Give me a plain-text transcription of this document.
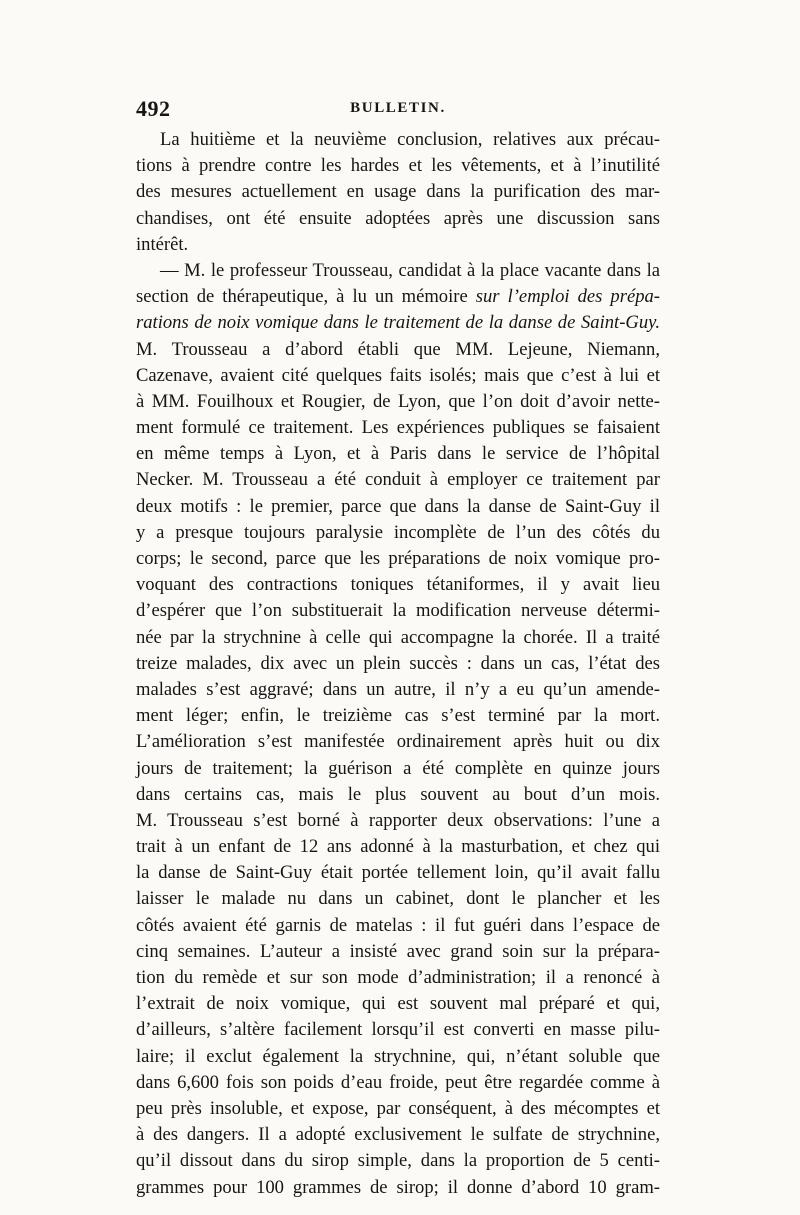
492	BULLETIN.
La huitième et la neuvième conclusion, relatives aux précau-
tions à prendre contre les hardes et les vêtements, et à l’inutilité
des mesures actuellement en usage dans la purification des mar-
chandises, ont été ensuite adoptées après une discussion sans
intérêt.
— M. le professeur Trousseau, candidat à la place vacante dans la
section de thérapeutique, à lu un mémoire sur l’emploi des prépa-
rations de noix vomique dans le traitement de la danse de Saint-Guy.
M. Trousseau a d’abord établi que MM. Lejeune, Niemann,
Cazenave, avaient cité quelques faits isolés; mais que c’est à lui et
à MM. Fouilhoux et Rougier, de Lyon, que l’on doit d’avoir nette-
ment formulé ce traitement. Les expériences publiques se faisaient
en même temps à Lyon, et à Paris dans le service de l’hôpital
Necker. M. Trousseau a été conduit à employer ce traitement par
deux motifs : le premier, parce que dans la danse de Saint-Guy il
y a presque toujours paralysie incomplète de l’un des côtés du
corps; le second, parce que les préparations de noix vomique pro-
voquant des contractions toniques tétaniformes, il y avait lieu
d’espérer que l’on substituerait la modification nerveuse détermi-
née par la strychnine à celle qui accompagne la chorée. Il a traité
treize malades, dix avec un plein succès : dans un cas, l’état des
malades s’est aggravé; dans un autre, il n’y a eu qu’un amende-
ment léger; enfin, le treizième cas s’est terminé par la mort.
L’amélioration s’est manifestée ordinairement après huit ou dix
jours de traitement; la guérison a été complète en quinze jours
dans certains cas, mais le plus souvent au bout d’un mois.
M. Trousseau s’est borné à rapporter deux observations: l’une a
trait à un enfant de 12 ans adonné à la masturbation, et chez qui
la danse de Saint-Guy était portée tellement loin, qu’il avait fallu
laisser le malade nu dans un cabinet, dont le plancher et les
côtés avaient été garnis de matelas : il fut guéri dans l’espace de
cinq semaines. L’auteur a insisté avec grand soin sur la prépara-
tion du remède et sur son mode d’administration; il a renoncé à
l’extrait de noix vomique, qui est souvent mal préparé et qui,
d’ailleurs, s’altère facilement lorsqu’il est converti en masse pilu-
laire; il exclut également la strychnine, qui, n’étant soluble que
dans 6,600 fois son poids d’eau froide, peut être regardée comme à
peu près insoluble, et expose, par conséquent, à des mécomptes et
à des dangers. Il a adopté exclusivement le sulfate de strychnine,
qu’il dissout dans du sirop simple, dans la proportion de 5 centi-
grammes pour 100 grammes de sirop; il donne d’abord 10 gram-
